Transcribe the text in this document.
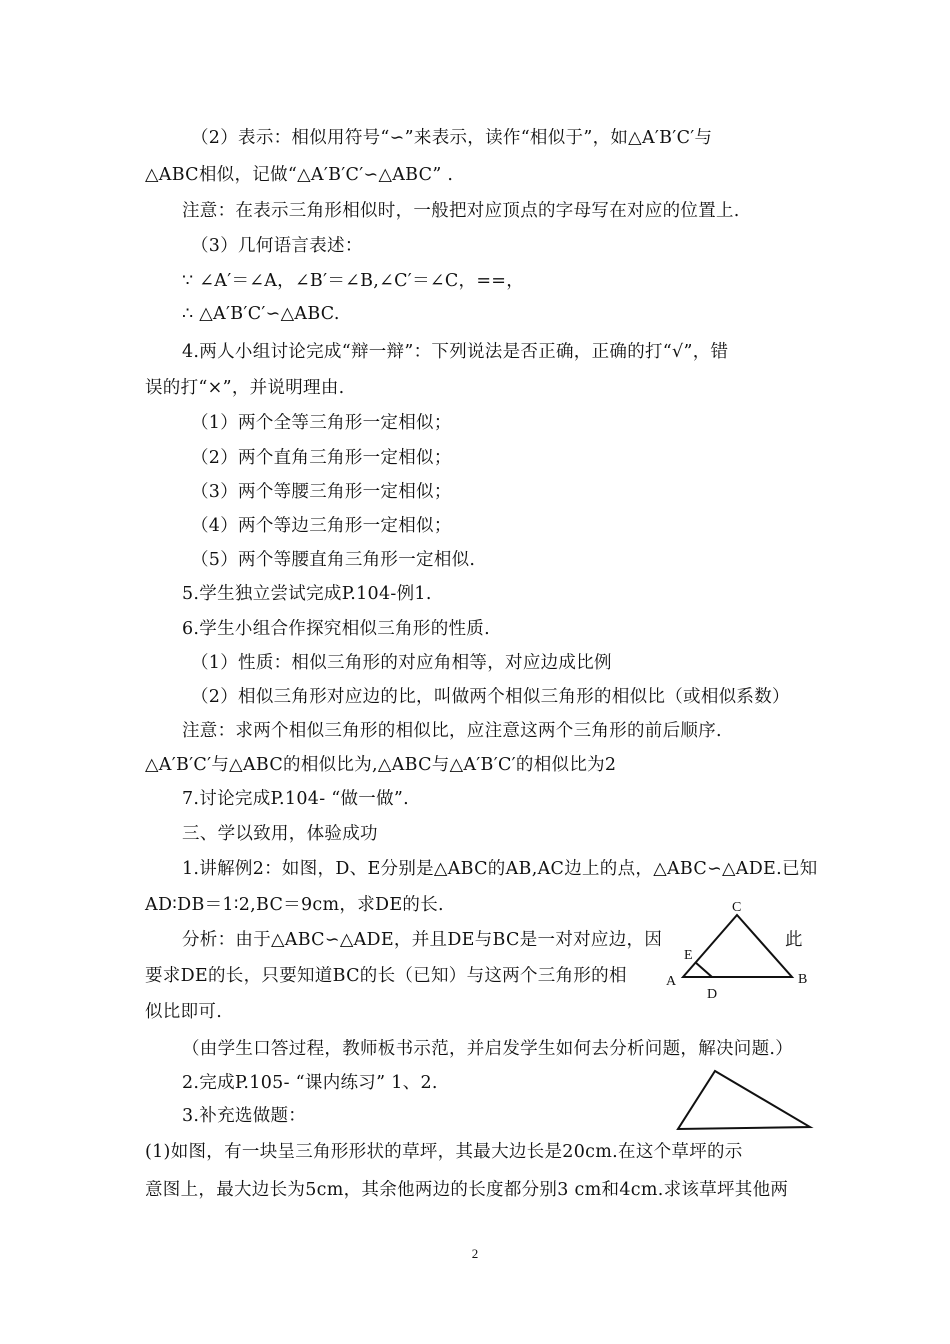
（2）表示：相似用符号“∽”来表示，读作“相似于”，如△A′B′C′与
△ABC相似，记做“△A′B′C′∽△ABC” .
注意：在表示三角形相似时，一般把对应顶点的字母写在对应的位置上.
（3）几何语言表述：
∵ ∠A′＝∠A，∠B′＝∠B,∠C′＝∠C，==，
∴ △A′B′C′∽△ABC.
4.两人小组讨论完成“辩一辩”：下列说法是否正确，正确的打“√”，错
误的打“×”，并说明理由.
（1）两个全等三角形一定相似；
（2）两个直角三角形一定相似；
（3）两个等腰三角形一定相似；
（4）两个等边三角形一定相似；
（5）两个等腰直角三角形一定相似.
5.学生独立尝试完成P.104-例1.
6.学生小组合作探究相似三角形的性质.
（1）性质：相似三角形的对应角相等，对应边成比例
（2）相似三角形对应边的比，叫做两个相似三角形的相似比（或相似系数）
注意：求两个相似三角形的相似比，应注意这两个三角形的前后顺序.
△A′B′C′与△ABC的相似比为,△ABC与△A′B′C′的相似比为2
7.讨论完成P.104- “做一做”.
三、学以致用，体验成功
1.讲解例2：如图，D、E分别是△ABC的AB,AC边上的点，△ABC∽△ADE.已知
AD∶DB＝1∶2,BC＝9cm，求DE的长.
分析：由于△ABC∽△ADE，并且DE与BC是一对对应边，因	此
要求DE的长，只要知道BC的长（已知）与这两个三角形的相
似比即可.
（由学生口答过程，教师板书示范，并启发学生如何去分析问题，解决问题.）
2.完成P.105- “课内练习” 1、2.
3.补充选做题：
(1)如图，有一块呈三角形形状的草坪，其最大边长是20cm.在这个草坪的示
意图上，最大边长为5cm，其余他两边的长度都分别3 cm和4cm.求该草坪其他两
C
E
A	B
D
2
